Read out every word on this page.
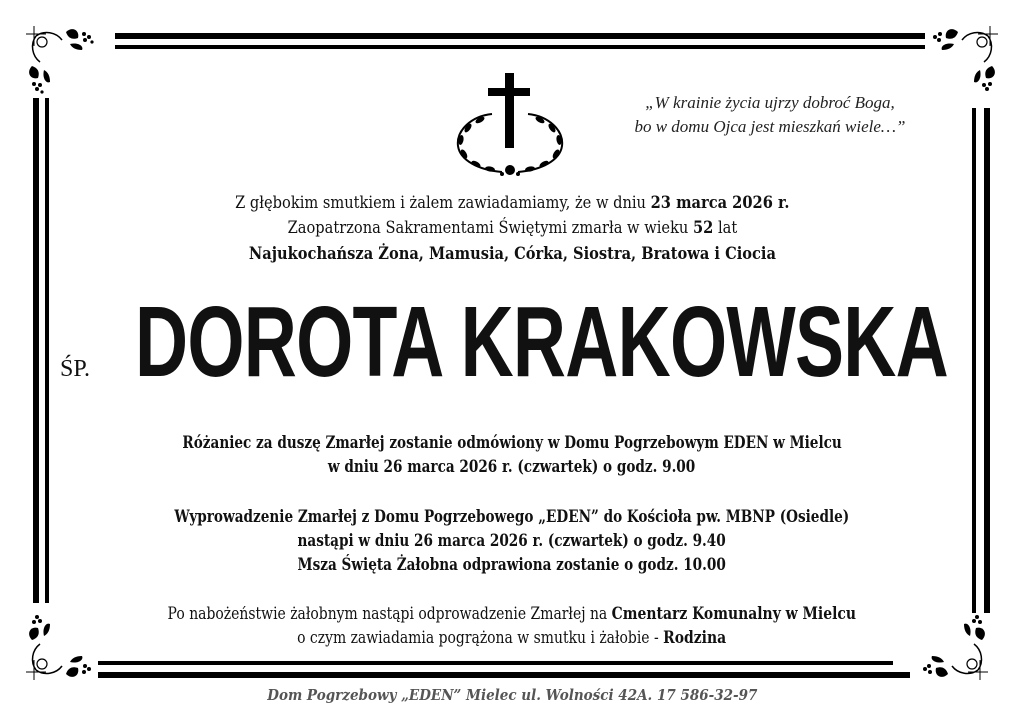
„W krainie życia ujrzy dobroć Boga,
bo w domu Ojca jest mieszkań wiele…”
Z głębokim smutkiem i żalem zawiadamiamy, że w dniu 23 marca 2026 r.
Zaopatrzona Sakramentami Świętymi zmarła w wieku 52 lat
Najukochańsza Żona, Mamusia, Córka, Siostra, Bratowa i Ciocia
ŚP. DOROTA KRAKOWSKA
Różaniec za duszę Zmarłej zostanie odmówiony w Domu Pogrzebowym EDEN w Mielcu
w dniu 26 marca 2026 r. (czwartek) o godz. 9.00
Wyprowadzenie Zmarłej z Domu Pogrzebowego „EDEN” do Kościoła pw. MBNP (Osiedle)
nastąpi w dniu 26 marca 2026 r. (czwartek) o godz. 9.40
Msza Święta Żałobna odprawiona zostanie o godz. 10.00
Po nabożeństwie żałobnym nastąpi odprowadzenie Zmarłej na Cmentarz Komunalny w Mielcu
o czym zawiadamia pogrążona w smutku i żałobie - Rodzina
Dom Pogrzebowy „EDEN” Mielec ul. Wolności 42A. 17 586-32-97
